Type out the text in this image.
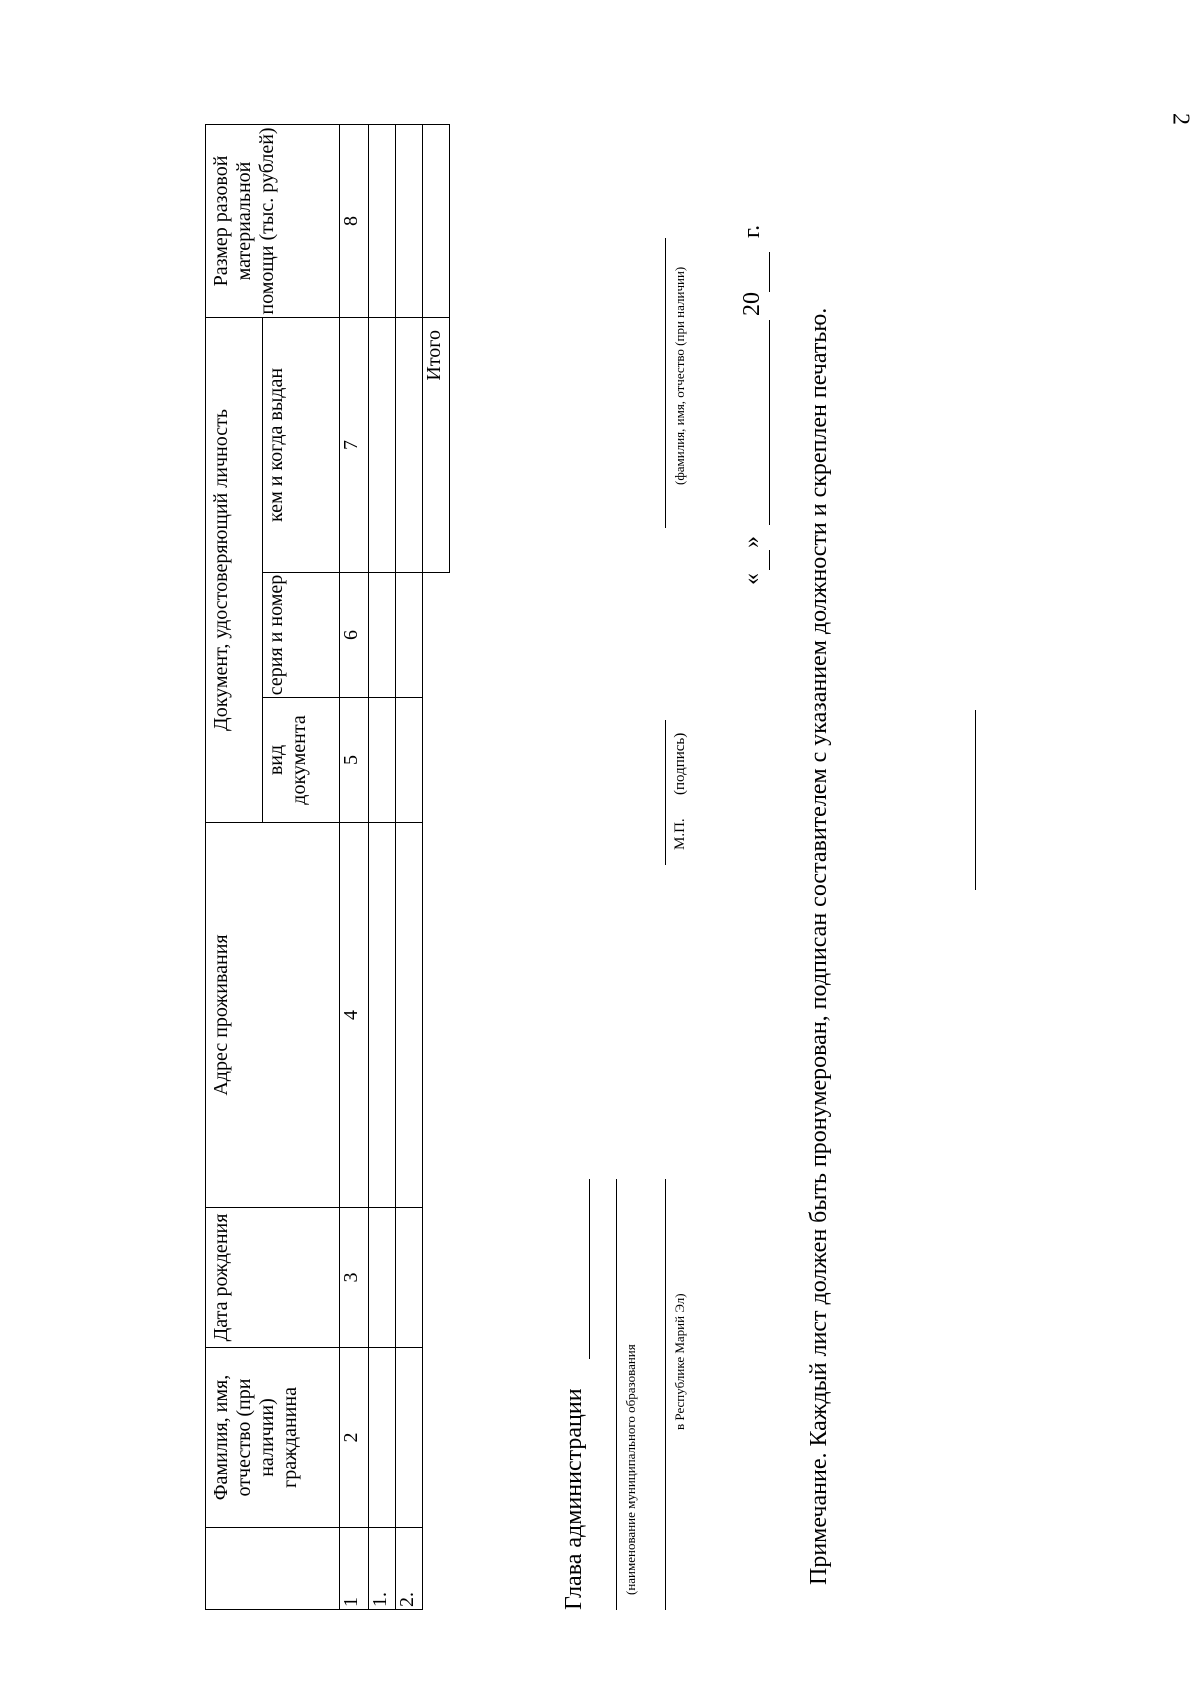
2
	Фамилия, имя, отчество (при наличии) гражданина	Дата рождения	Адрес проживания	Документ, удостоверяющий личность			Размер разовой материальной помощи (тыс. рублей)
				вид документа	серия и номер	кем и когда выдан	
1	2	3	4	5	6	7	8
1.							
2.							
						Итого	
Глава администрации	(наименование муниципального образования	в Республике Марий Эл)
М.П.
(подпись)
(фамилия, имя, отчество (при наличии)
«
»
20
г.
Примечание. Каждый лист должен быть пронумерован, подписан составителем с указанием должности и скреплен печатью.
